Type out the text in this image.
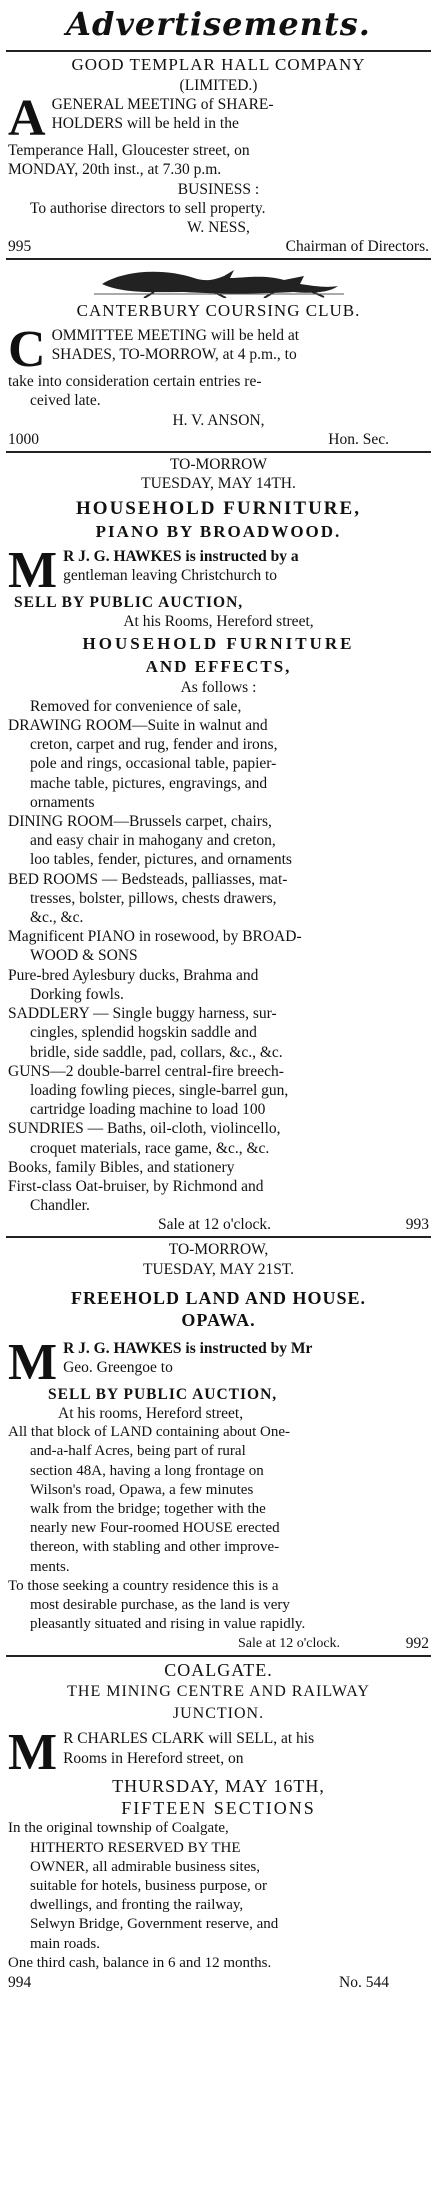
Advertisements.
GOOD TEMPLAR HALL COMPANY
(LIMITED.)
A GENERAL MEETING of SHARE-
HOLDERS will be held in the
Temperance Hall, Gloucester street, on
MONDAY, 20th inst., at 7.30 p.m.
BUSINESS :
To authorise directors to sell property.
W. NESS,
995	Chairman of Directors.
CANTERBURY COURSING CLUB.
C OMMITTEE MEETING will be held at
SHADES, TO-MORROW, at 4 p.m., to
take into consideration certain entries re-
ceived late.
H. V. ANSON,
1000	Hon. Sec.
TO-MORROW
TUESDAY, MAY 14TH.
HOUSEHOLD FURNITURE,
PIANO BY BROADWOOD.
M R J. G. HAWKES is instructed by a
gentleman leaving Christchurch to
SELL BY PUBLIC AUCTION,
At his Rooms, Hereford street,
HOUSEHOLD FURNITURE
AND EFFECTS,
As follows :
Removed for convenience of sale,
DRAWING ROOM—Suite in walnut and
creton, carpet and rug, fender and irons,
pole and rings, occasional table, papier-
mache table, pictures, engravings, and
ornaments
DINING ROOM—Brussels carpet, chairs,
and easy chair in mahogany and creton,
loo tables, fender, pictures, and ornaments
BED ROOMS — Bedsteads, palliasses, mat-
tresses, bolster, pillows, chests drawers,
&c., &c.
Magnificent PIANO in rosewood, by BROAD-
WOOD & SONS
Pure-bred Aylesbury ducks, Brahma and
Dorking fowls.
SADDLERY — Single buggy harness, sur-
cingles, splendid hogskin saddle and
bridle, side saddle, pad, collars, &c., &c.
GUNS—2 double-barrel central-fire breech-
loading fowling pieces, single-barrel gun,
cartridge loading machine to load 100
SUNDRIES — Baths, oil-cloth, violincello,
croquet materials, race game, &c., &c.
Books, family Bibles, and stationery
First-class Oat-bruiser, by Richmond and
Chandler.
Sale at 12 o'clock.	993
TO-MORROW,
TUESDAY, MAY 21ST.
FREEHOLD LAND AND HOUSE.
OPAWA.
M R J. G. HAWKES is instructed by Mr
Geo. Greengoe to
SELL BY PUBLIC AUCTION,
At his rooms, Hereford street,
All that block of LAND containing about One-
and-a-half Acres, being part of rural
section 48A, having a long frontage on
Wilson's road, Opawa, a few minutes
walk from the bridge; together with the
nearly new Four-roomed HOUSE erected
thereon, with stabling and other improve-
ments.
To those seeking a country residence this is a
most desirable purchase, as the land is very
pleasantly situated and rising in value rapidly.
Sale at 12 o'clock.	992
COALGATE.
THE MINING CENTRE AND RAILWAY
JUNCTION.
M R CHARLES CLARK will SELL, at his
Rooms in Hereford street, on
THURSDAY, MAY 16TH,
FIFTEEN SECTIONS
In the original township of Coalgate,
HITHERTO RESERVED BY THE
OWNER, all admirable business sites,
suitable for hotels, business purpose, or
dwellings, and fronting the railway,
Selwyn Bridge, Government reserve, and
main roads.
One third cash, balance in 6 and 12 months.
994	No. 544
